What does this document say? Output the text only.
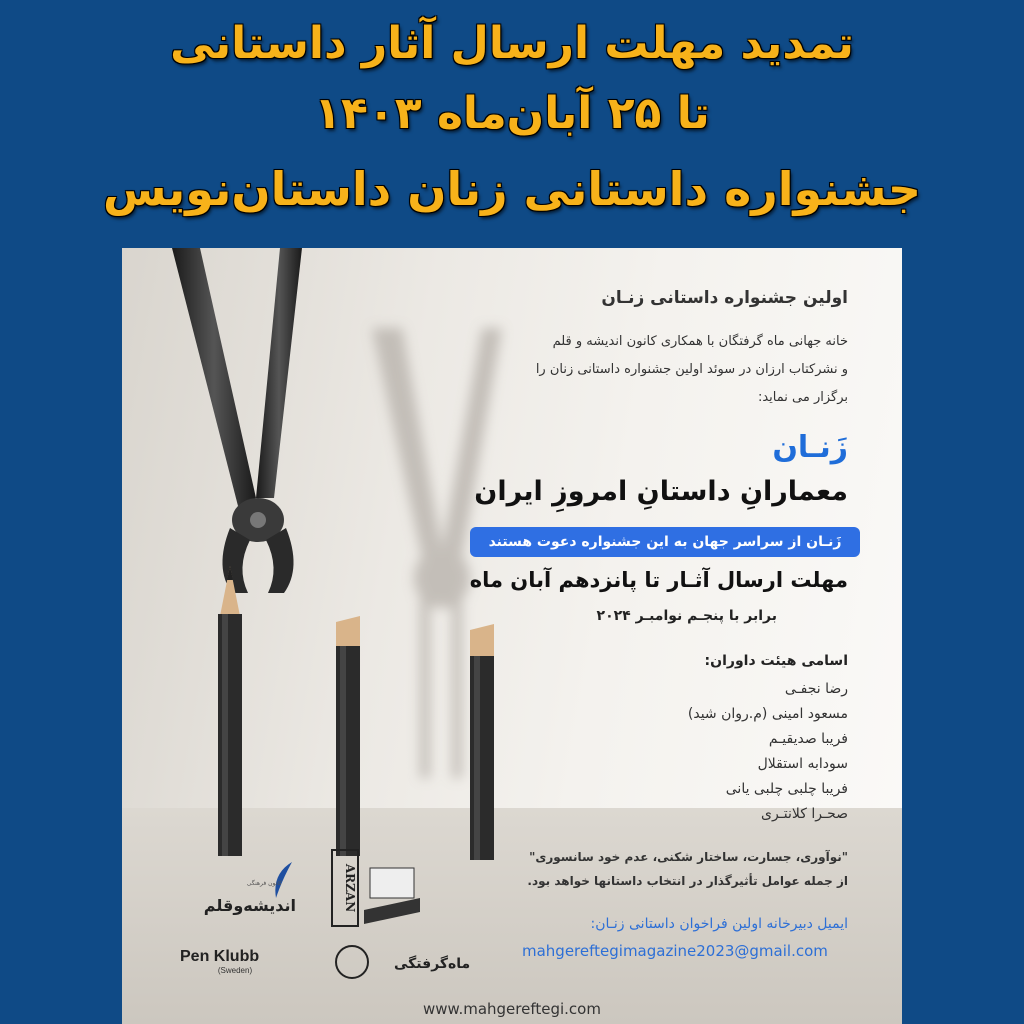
تمدید مهلت ارسال آثار داستانی
تا ۲۵ آبان‌ماه ۱۴۰۳
جشنواره داستانی زنان داستان‌نویس
اولین جشنواره داستانی زنـان
خانه جهانی ماه گرفتگان با همکاری کانون اندیشه و قلم
و نشرکتاب ارزان در سوئد اولین جشنواره داستانی زنان را
برگزار می نماید:
زَنـان
معمارانِ داستانِ امروزِ ایران
زَنـان از سراسر جهان به این جشنواره دعوت هستند
مهلت ارسال آثـار تا پانزدهم آبان ماه
برابر با پنجـم نوامبـر ۲۰۲۴
اسامی هیئت داوران:
رضا نجفـی
مسعود امینی (م.روان شید)
فریبا صدیقیـم
سودابه استقلال
فریبا چلبی چلبی یانی
صحـرا کلانتـری
"نوآوری، جسارت، ساختار شکنی، عدم خود سانسوری"
از جمله عوامل تأثیرگذار در انتخاب داستانها خواهد بود.
ایمیل دبیرخانه اولین فراخوان داستانی زنـان:
mahgereftegimagazine2023@gmail.com
www.mahgereftegi.com
کانون فرهنگی
اندیشه‌وقلم	ARZAN
Pen Klubb
(Sweden)	ماه‌گرفتگی
